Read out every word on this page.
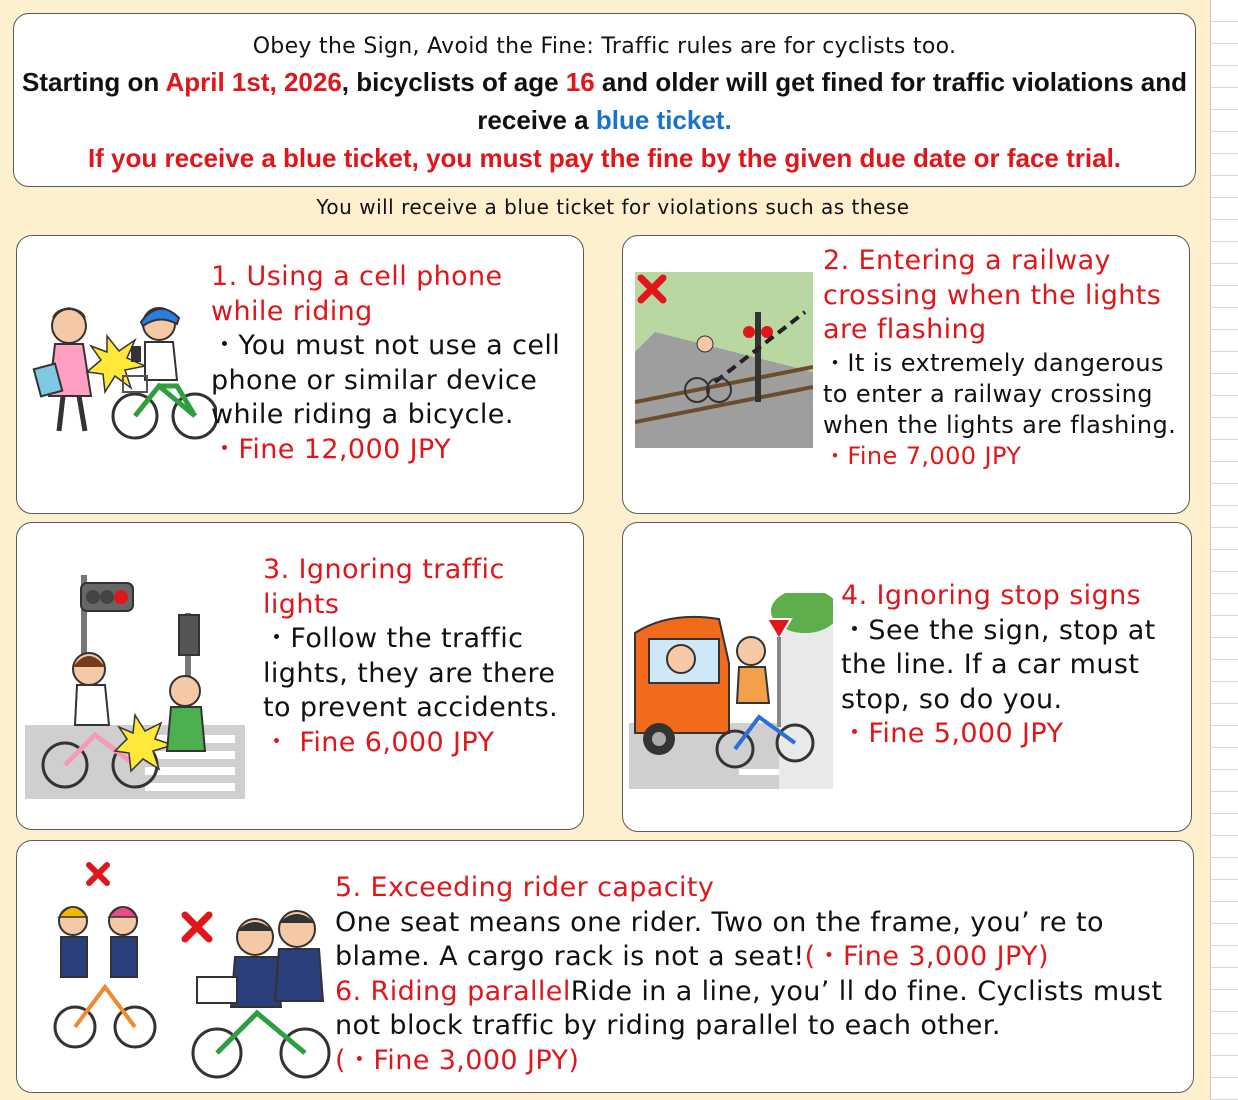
Obey the Sign, Avoid the Fine: Traffic rules are for cyclists too.
Starting on April 1st, 2026, bicyclists of age 16 and older will get fined for traffic violations and receive a blue ticket.
If you receive a blue ticket, you must pay the fine by the given due date or face trial.
You will receive a blue ticket for violations such as these
1. Using a cell phone while riding
・You must not use a cell phone or similar device while riding a bicycle.
・Fine 12,000 JPY
2. Entering a railway crossing when the lights are flashing
・It is extremely dangerous to enter a railway crossing when the lights are flashing.
・Fine 7,000 JPY
3. Ignoring traffic lights
・Follow the traffic lights, they are there to prevent accidents.
・ Fine 6,000 JPY
4. Ignoring stop signs
・See the sign, stop at the line. If a car must stop, so do you.
・Fine 5,000 JPY
5. Exceeding rider capacity
One seat means one rider. Two on the frame, you’ re to blame. A cargo rack is not a seat!(・Fine 3,000 JPY)
6. Riding parallelRide in a line, you’ ll do fine. Cyclists must not block traffic by riding parallel to each other.
(・Fine 3,000 JPY)
